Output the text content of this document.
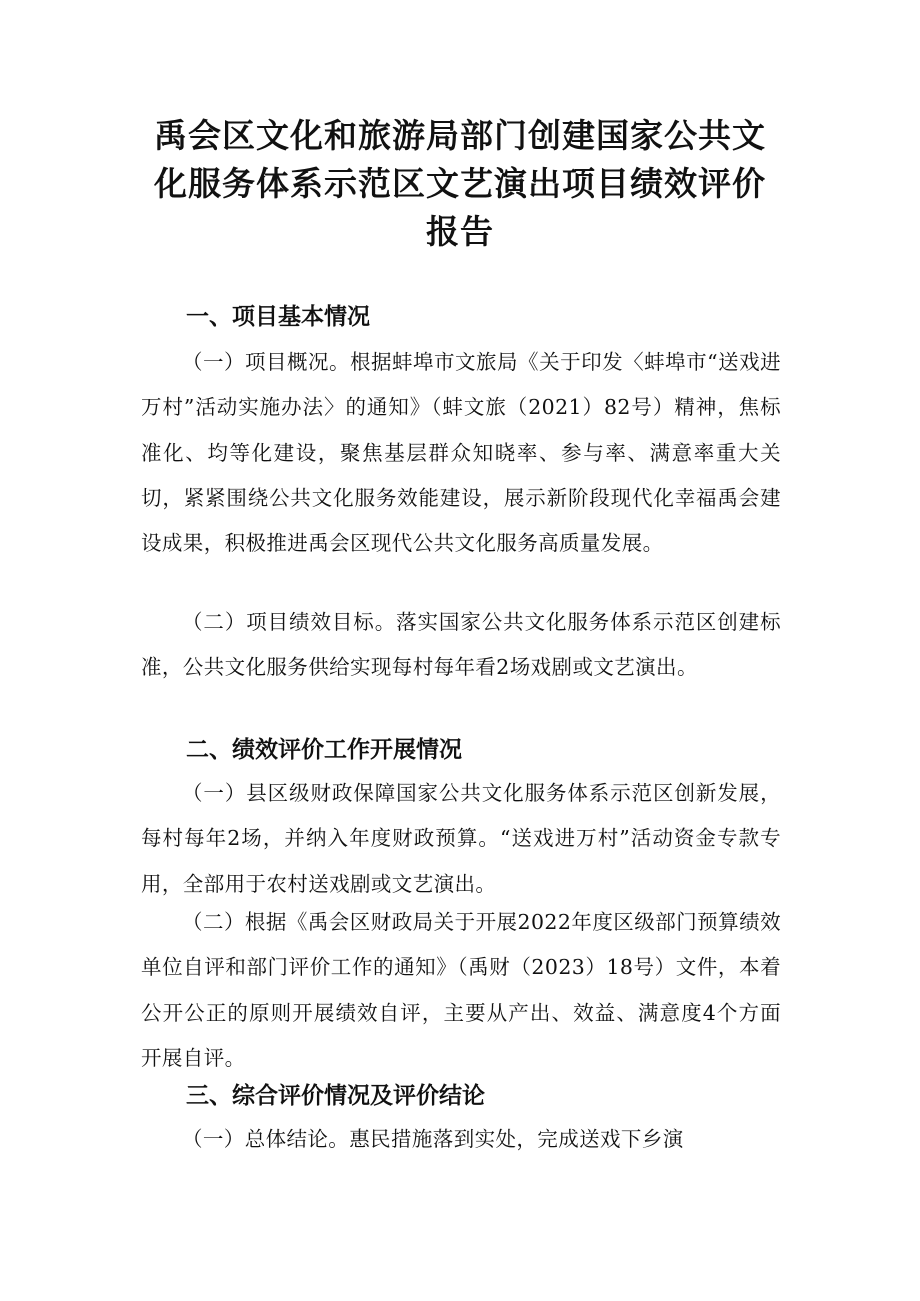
禹会区文化和旅游局部门创建国家公共文
化服务体系示范区文艺演出项目绩效评价
报告
一、项目基本情况

（一）项目概况。根据蚌埠市文旅局《关于印发〈蚌埠市“送戏进万村”活动实施办法〉的通知》（蚌文旅（2021）82号）精神，焦标准化、均等化建设，聚焦基层群众知晓率、参与率、满意率重大关切，紧紧围绕公共文化服务效能建设，展示新阶段现代化幸福禹会建设成果，积极推进禹会区现代公共文化服务高质量发展。

（二）项目绩效目标。落实国家公共文化服务体系示范区创建标准，公共文化服务供给实现每村每年看2场戏剧或文艺演出。

二、绩效评价工作开展情况

（一）县区级财政保障国家公共文化服务体系示范区创新发展，每村每年2场，并纳入年度财政预算。“送戏进万村”活动资金专款专用，全部用于农村送戏剧或文艺演出。

（二）根据《禹会区财政局关于开展2022年度区级部门预算绩效单位自评和部门评价工作的通知》（禹财（2023）18号）文件，本着公开公正的原则开展绩效自评，主要从产出、效益、满意度4个方面开展自评。

三、综合评价情况及评价结论

（一）总体结论。惠民措施落到实处，完成送戏下乡演
